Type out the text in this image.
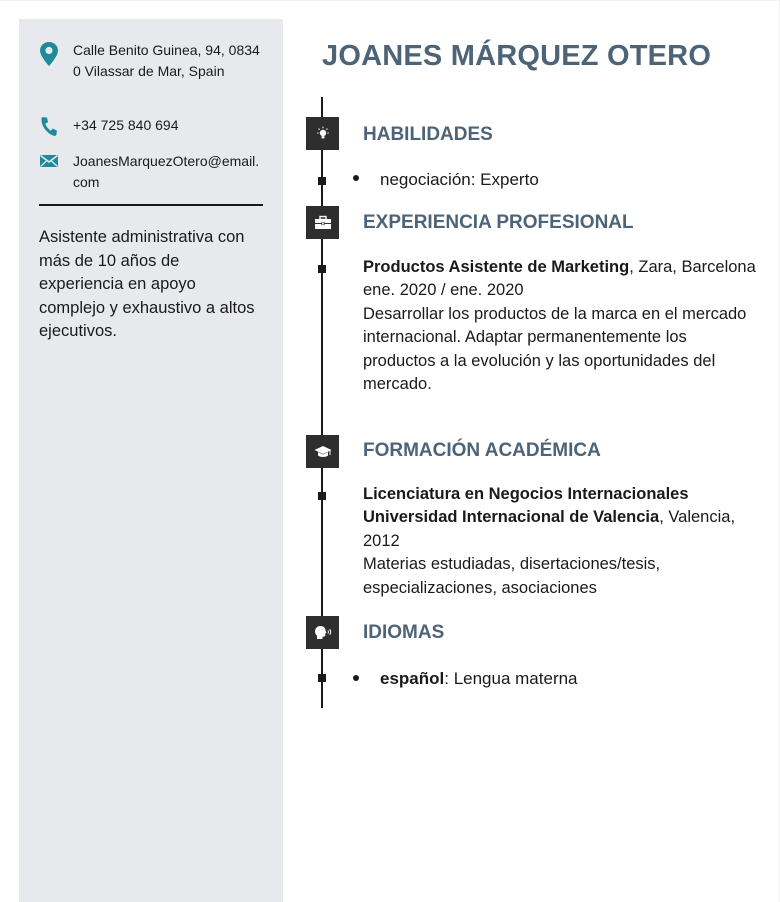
Calle Benito Guinea, 94, 08340 Vilassar de Mar, Spain
+34 725 840 694
JoanesMarquezOtero@email.com

Asistente administrativa con más de 10 años de experiencia en apoyo complejo y exhaustivo a altos ejecutivos.

JOANES MÁRQUEZ OTERO
HABILIDADES
negociación: Experto
EXPERIENCIA PROFESIONAL
Productos Asistente de Marketing, Zara, Barcelona
ene. 2020 / ene. 2020
Desarrollar los productos de la marca en el mercado internacional. Adaptar permanentemente los productos a la evolución y las oportunidades del mercado.
FORMACIÓN ACADÉMICA
Licenciatura en Negocios Internacionales
Universidad Internacional de Valencia, Valencia, 2012
Materias estudiadas, disertaciones/tesis, especializaciones, asociaciones
IDIOMAS
español: Lengua materna
